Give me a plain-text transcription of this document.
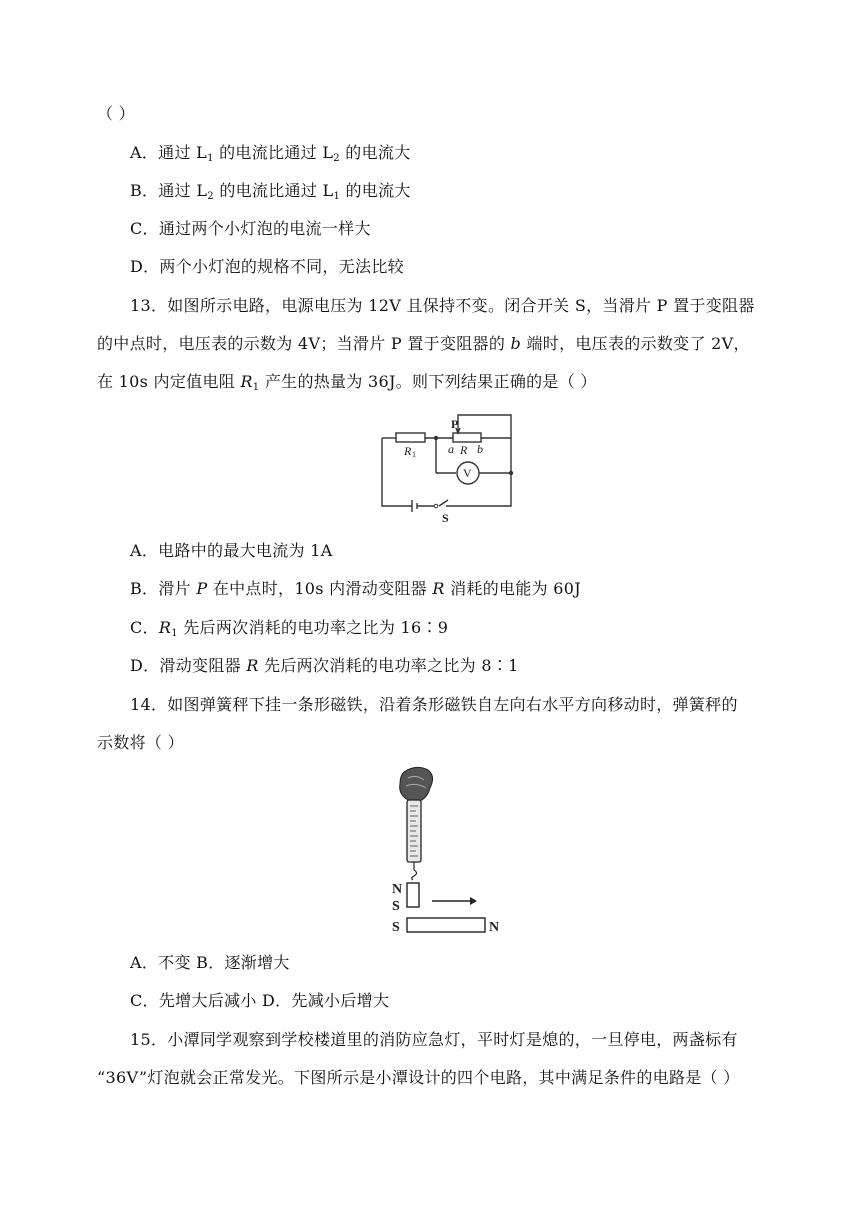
（ ）
A．通过 $L_1$ 的电流比通过 $L_2$ 的电流大
B．通过 $L_2$ 的电流比通过 $L_1$ 的电流大
C．通过两个小灯泡的电流一样大
D．两个小灯泡的规格不同，无法比较
13．如图所示电路，电源电压为 12V 且保持不变。闭合开关 S，当滑片 P 置于变阻器
的中点时，电压表的示数为 4V；当滑片 P 置于变阻器的 b 端时，电压表的示数变了 2V，
在 10s 内定值电阻 $R_1$ 产生的热量为 36J。则下列结果正确的是（ ）
R 1
P
a R b
V
S
A．电路中的最大电流为 1A
B．滑片 P 在中点时，10s 内滑动变阻器 R 消耗的电能为 60J
C．$R_1$ 先后两次消耗的电功率之比为 16∶9
D．滑动变阻器 R 先后两次消耗的电功率之比为 8∶1
14．如图弹簧秤下挂一条形磁铁，沿着条形磁铁自左向右水平方向移动时，弹簧秤的
示数将（ ）
N
S
S	N
A．不变 B．逐渐增大
C．先增大后减小 D．先减小后增大
15．小潭同学观察到学校楼道里的消防应急灯，平时灯是熄的，一旦停电，两盏标有
“36V”灯泡就会正常发光。下图所示是小潭设计的四个电路，其中满足条件的电路是（ ）
